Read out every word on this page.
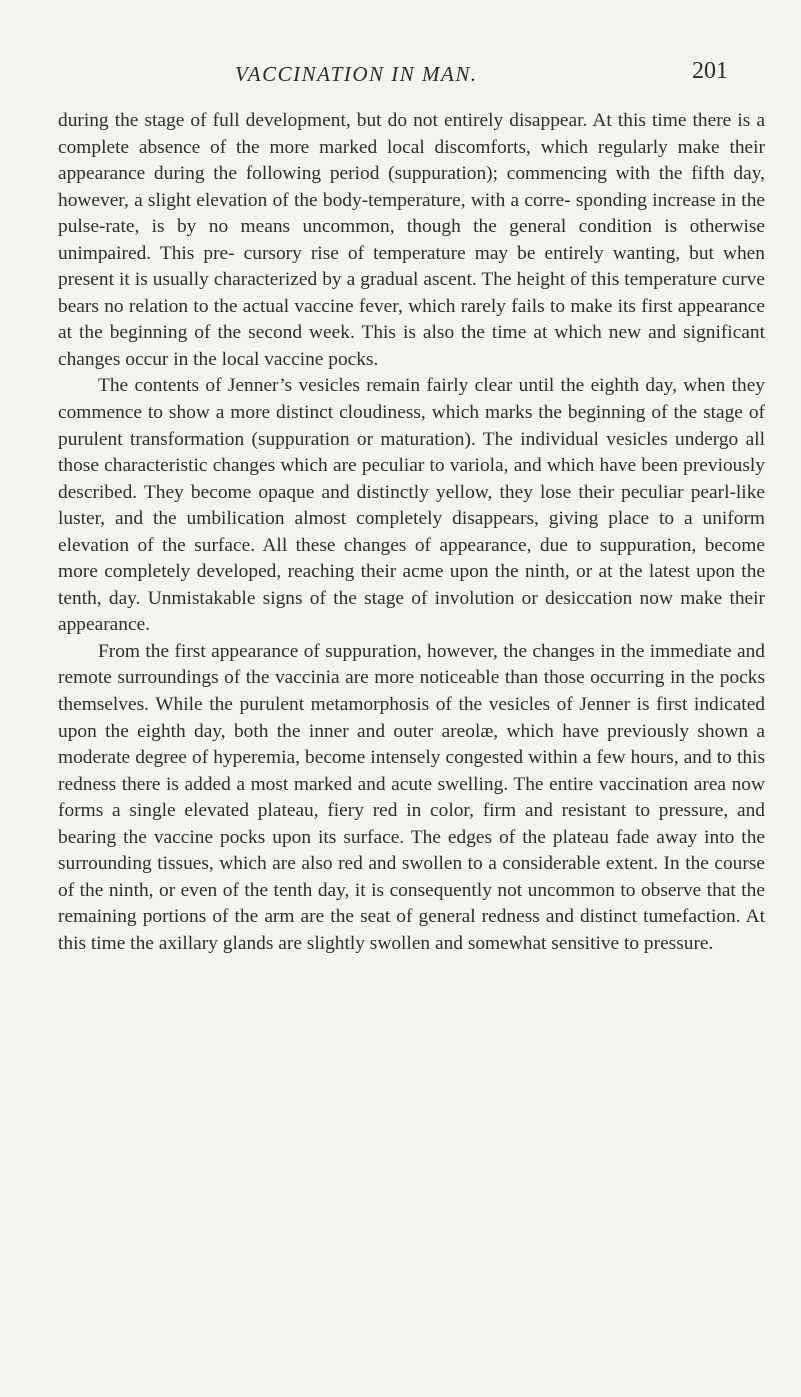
VACCINATION IN MAN.	201

during the stage of full development, but do not entirely disappear. At this time there is a complete absence of the more marked local discomforts, which regularly make their appearance during the following period (suppuration); commencing with the fifth day, however, a slight elevation of the body-temperature, with a corre- sponding increase in the pulse-rate, is by no means uncommon, though the general condition is otherwise unimpaired. This pre- cursory rise of temperature may be entirely wanting, but when present it is usually characterized by a gradual ascent. The height of this temperature curve bears no relation to the actual vaccine fever, which rarely fails to make its first appearance at the beginning of the second week. This is also the time at which new and significant changes occur in the local vaccine pocks.

The contents of Jenner’s vesicles remain fairly clear until the eighth day, when they commence to show a more distinct cloudiness, which marks the beginning of the stage of purulent transformation (suppuration or maturation). The individual vesicles undergo all those characteristic changes which are peculiar to variola, and which have been previously described. They become opaque and distinctly yellow, they lose their peculiar pearl-like luster, and the umbilication almost completely disappears, giving place to a uniform elevation of the surface. All these changes of appearance, due to suppuration, become more completely developed, reaching their acme upon the ninth, or at the latest upon the tenth, day. Unmistakable signs of the stage of involution or desiccation now make their appearance.

From the first appearance of suppuration, however, the changes in the immediate and remote surroundings of the vaccinia are more noticeable than those occurring in the pocks themselves. While the purulent metamorphosis of the vesicles of Jenner is first indicated upon the eighth day, both the inner and outer areolæ, which have previously shown a moderate degree of hyperemia, become intensely congested within a few hours, and to this redness there is added a most marked and acute swelling. The entire vaccination area now forms a single elevated plateau, fiery red in color, firm and resistant to pressure, and bearing the vaccine pocks upon its surface. The edges of the plateau fade away into the surrounding tissues, which are also red and swollen to a considerable extent. In the course of the ninth, or even of the tenth day, it is consequently not uncommon to observe that the remaining portions of the arm are the seat of general redness and distinct tumefaction. At this time the axillary glands are slightly swollen and somewhat sensitive to pressure.
